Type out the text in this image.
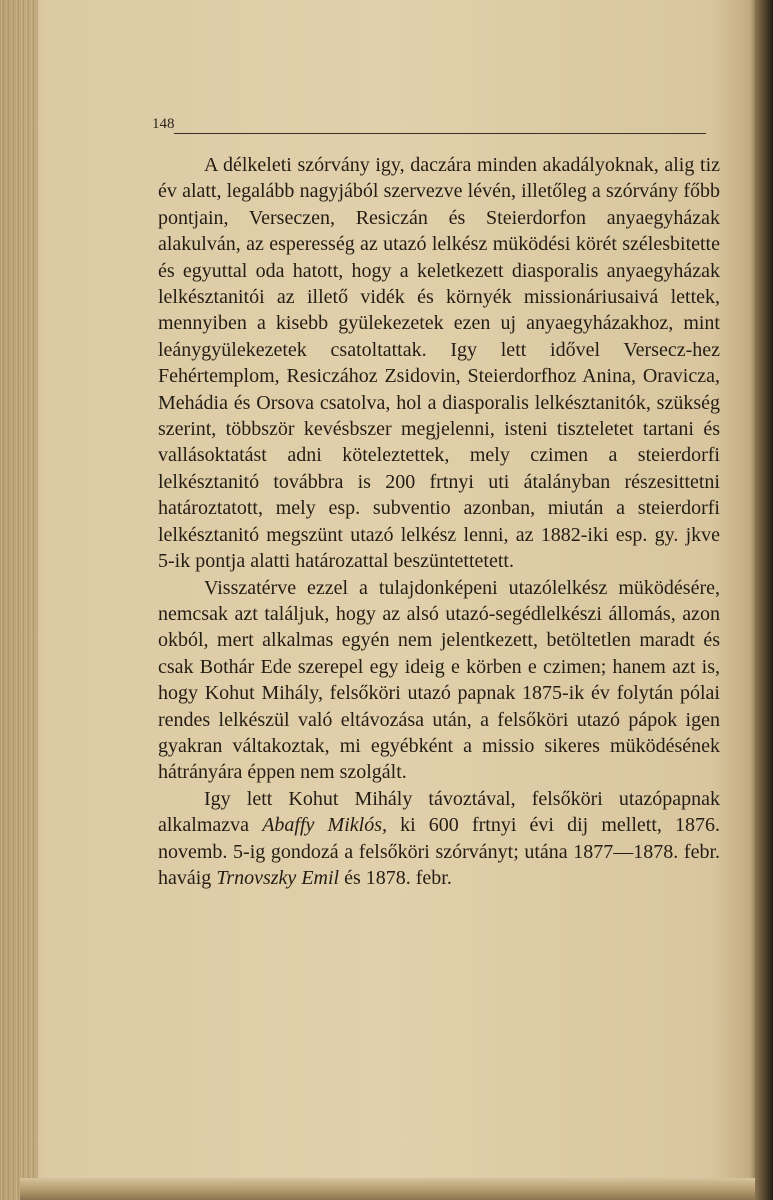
148

A délkeleti szórvány igy, daczára minden akadályoknak, alig tiz év alatt, legalább nagyjából szervezve lévén, illetőleg a szórvány főbb pontjain, Verseczen, Resiczán és Steierdorfon anyaegyházak alakulván, az esperesség az utazó lelkész müködési körét szélesbitette és egyuttal oda hatott, hogy a keletkezett diasporalis anyaegyházak lelkésztanitói az illető vidék és környék missionáriusaivá lettek, mennyiben a kisebb gyülekezetek ezen uj anyaegyházakhoz, mint leánygyülekezetek csatoltattak. Igy lett idővel Versecz-hez Fehértemplom, Resiczához Zsidovin, Steierdorfhoz Anina, Oravicza, Mehádia és Orsova csatolva, hol a diasporalis lelkésztanitók, szükség szerint, többször kevésbszer megjelenni, isteni tiszteletet tartani és vallásoktatást adni köteleztettek, mely czimen a steierdorfi lelkésztanitó továbbra is 200 frtnyi uti átalányban részesittetni határoztatott, mely esp. subventio azonban, miután a steierdorfi lelkésztanitó megszünt utazó lelkész lenni, az 1882-iki esp. gy. jkve 5-ik pontja alatti határozattal beszüntettetett.

Visszatérve ezzel a tulajdonképeni utazólelkész müködésére, nemcsak azt találjuk, hogy az alsó utazó-segédlelkészi állomás, azon okból, mert alkalmas egyén nem jelentkezett, betöltetlen maradt és csak Bothár Ede szerepel egy ideig e körben e czimen; hanem azt is, hogy Kohut Mihály, felsőköri utazó papnak 1875-ik év folytán pólai rendes lelkészül való eltávozása után, a felsőköri utazó pápok igen gyakran váltakoztak, mi egyébként a missio sikeres müködésének hátrányára éppen nem szolgált.

Igy lett Kohut Mihály távoztával, felsőköri utazópapnak alkalmazva Abaffy Miklós, ki 600 frtnyi évi dij mellett, 1876. novemb. 5-ig gondozá a felsőköri szórványt; utána 1877—1878. febr. haváig Trnovszky Emil és 1878. febr.
